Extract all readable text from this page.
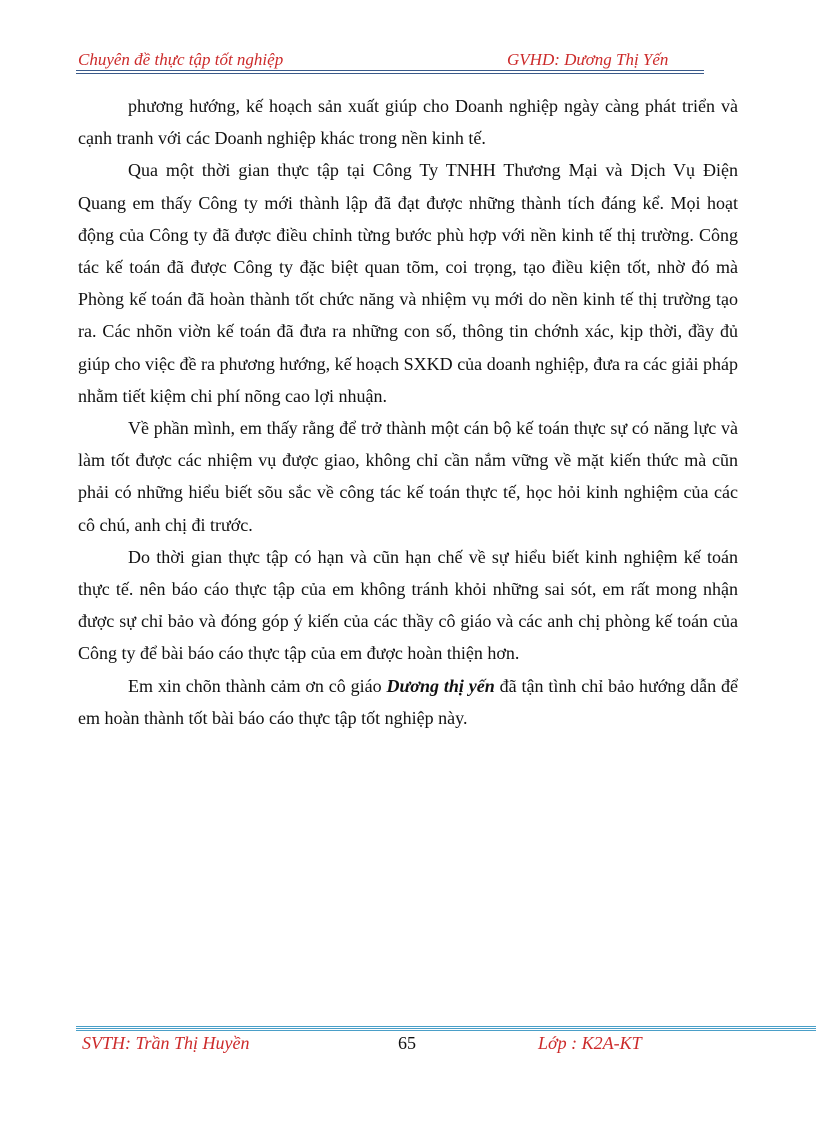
Chuyên đề thực tập tốt nghiệp	GVHD: Dương Thị Yến

phương hướng, kế hoạch sản xuất giúp cho Doanh nghiệp ngày càng phát triển và cạnh tranh với các Doanh nghiệp khác trong nền kinh tế.

Qua một thời gian thực tập tại Công Ty TNHH Thương Mại và Dịch Vụ Điện Quang em thấy Công ty mới thành lập đã đạt được những thành tích đáng kể. Mọi hoạt động của Công ty đã được điều chỉnh từng bước phù hợp với nền kinh tế thị trường. Công tác kế toán đã được Công ty đặc biệt quan tõm, coi trọng, tạo điều kiện tốt, nhờ đó mà Phòng kế toán đã hoàn thành tốt chức năng và nhiệm vụ mới do nền kinh tế thị trường tạo ra. Các nhõn viờn kế toán đã đưa ra những con số, thông tin chớnh xác, kịp thời, đầy đủ giúp cho việc đề ra phương hướng, kế hoạch SXKD của doanh nghiệp, đưa ra các giải pháp nhằm tiết kiệm chi phí nõng cao lợi nhuận.

Về phần mình, em thấy rằng để trở thành một cán bộ kế toán thực sự có năng lực và làm tốt được các nhiệm vụ được giao, không chỉ cần nắm vững về mặt kiến thức mà cũn phải có những hiểu biết sõu sắc về công tác kế toán thực tế, học hỏi kinh nghiệm của các cô chú, anh chị đi trước.

Do thời gian thực tập có hạn và cũn hạn chế về sự hiểu biết kinh nghiệm kế toán thực tế. nên báo cáo thực tập của em không tránh khỏi những sai sót, em rất mong nhận được sự chỉ bảo và đóng góp ý kiến của các thầy cô giáo và các anh chị phòng kế toán của Công ty để bài báo cáo thực tập của em được hoàn thiện hơn.

Em xin chõn thành cảm ơn cô giáo Dương thị yến đã tận tình chỉ bảo hướng dẫn để em hoàn thành tốt bài báo cáo thực tập tốt nghiệp này.

SVTH: Trần Thị Huyền	65	Lớp : K2A-KT
